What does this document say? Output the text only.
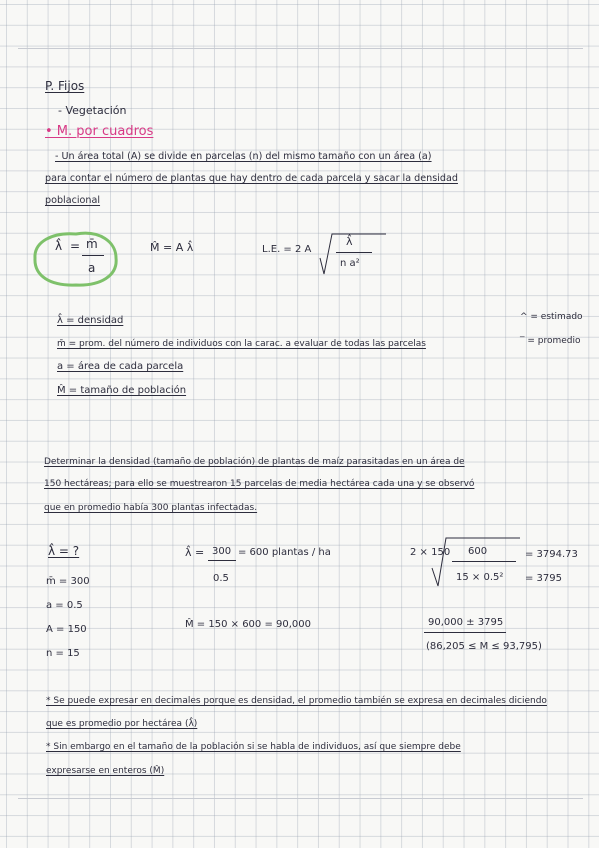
P. Fijos
- Vegetación
• M. por cuadros
- Un área total (A) se divide en parcelas (n) del mismo tamaño con un área (a)
para contar el número de plantas que hay dentro de cada parcela y sacar la densidad
poblacional
λ̂ = m̄
a
M̂ = A λ̂	L.E. = 2 A
λ̂
n a²
λ̂ = densidad
m̄ = prom. del número de individuos con la carac. a evaluar de todas las parcelas
a = área de cada parcela
M̂ = tamaño de población
^ = estimado
‾ = promedio
Determinar la densidad (tamaño de población) de plantas de maíz parasitadas en un área de
150 hectáreas; para ello se muestrearon 15 parcelas de media hectárea cada una y se observó
que en promedio había 300 plantas infectadas.
λ̂ = ?
m̄ = 300
a = 0.5
A = 150
n = 15
λ̂ = 300
0.5
= 600 plantas / ha	2 × 150 600
15 × 0.5²
= 3794.73
= 3795
M̂ = 150 × 600 = 90,000	90,000 ± 3795
(86,205 ≤ M ≤ 93,795)
* Se puede expresar en decimales porque es densidad, el promedio también se expresa en decimales diciendo
que es promedio por hectárea (λ̂)
* Sin embargo en el tamaño de la población si se habla de individuos, así que siempre debe
expresarse en enteros (M̂)
